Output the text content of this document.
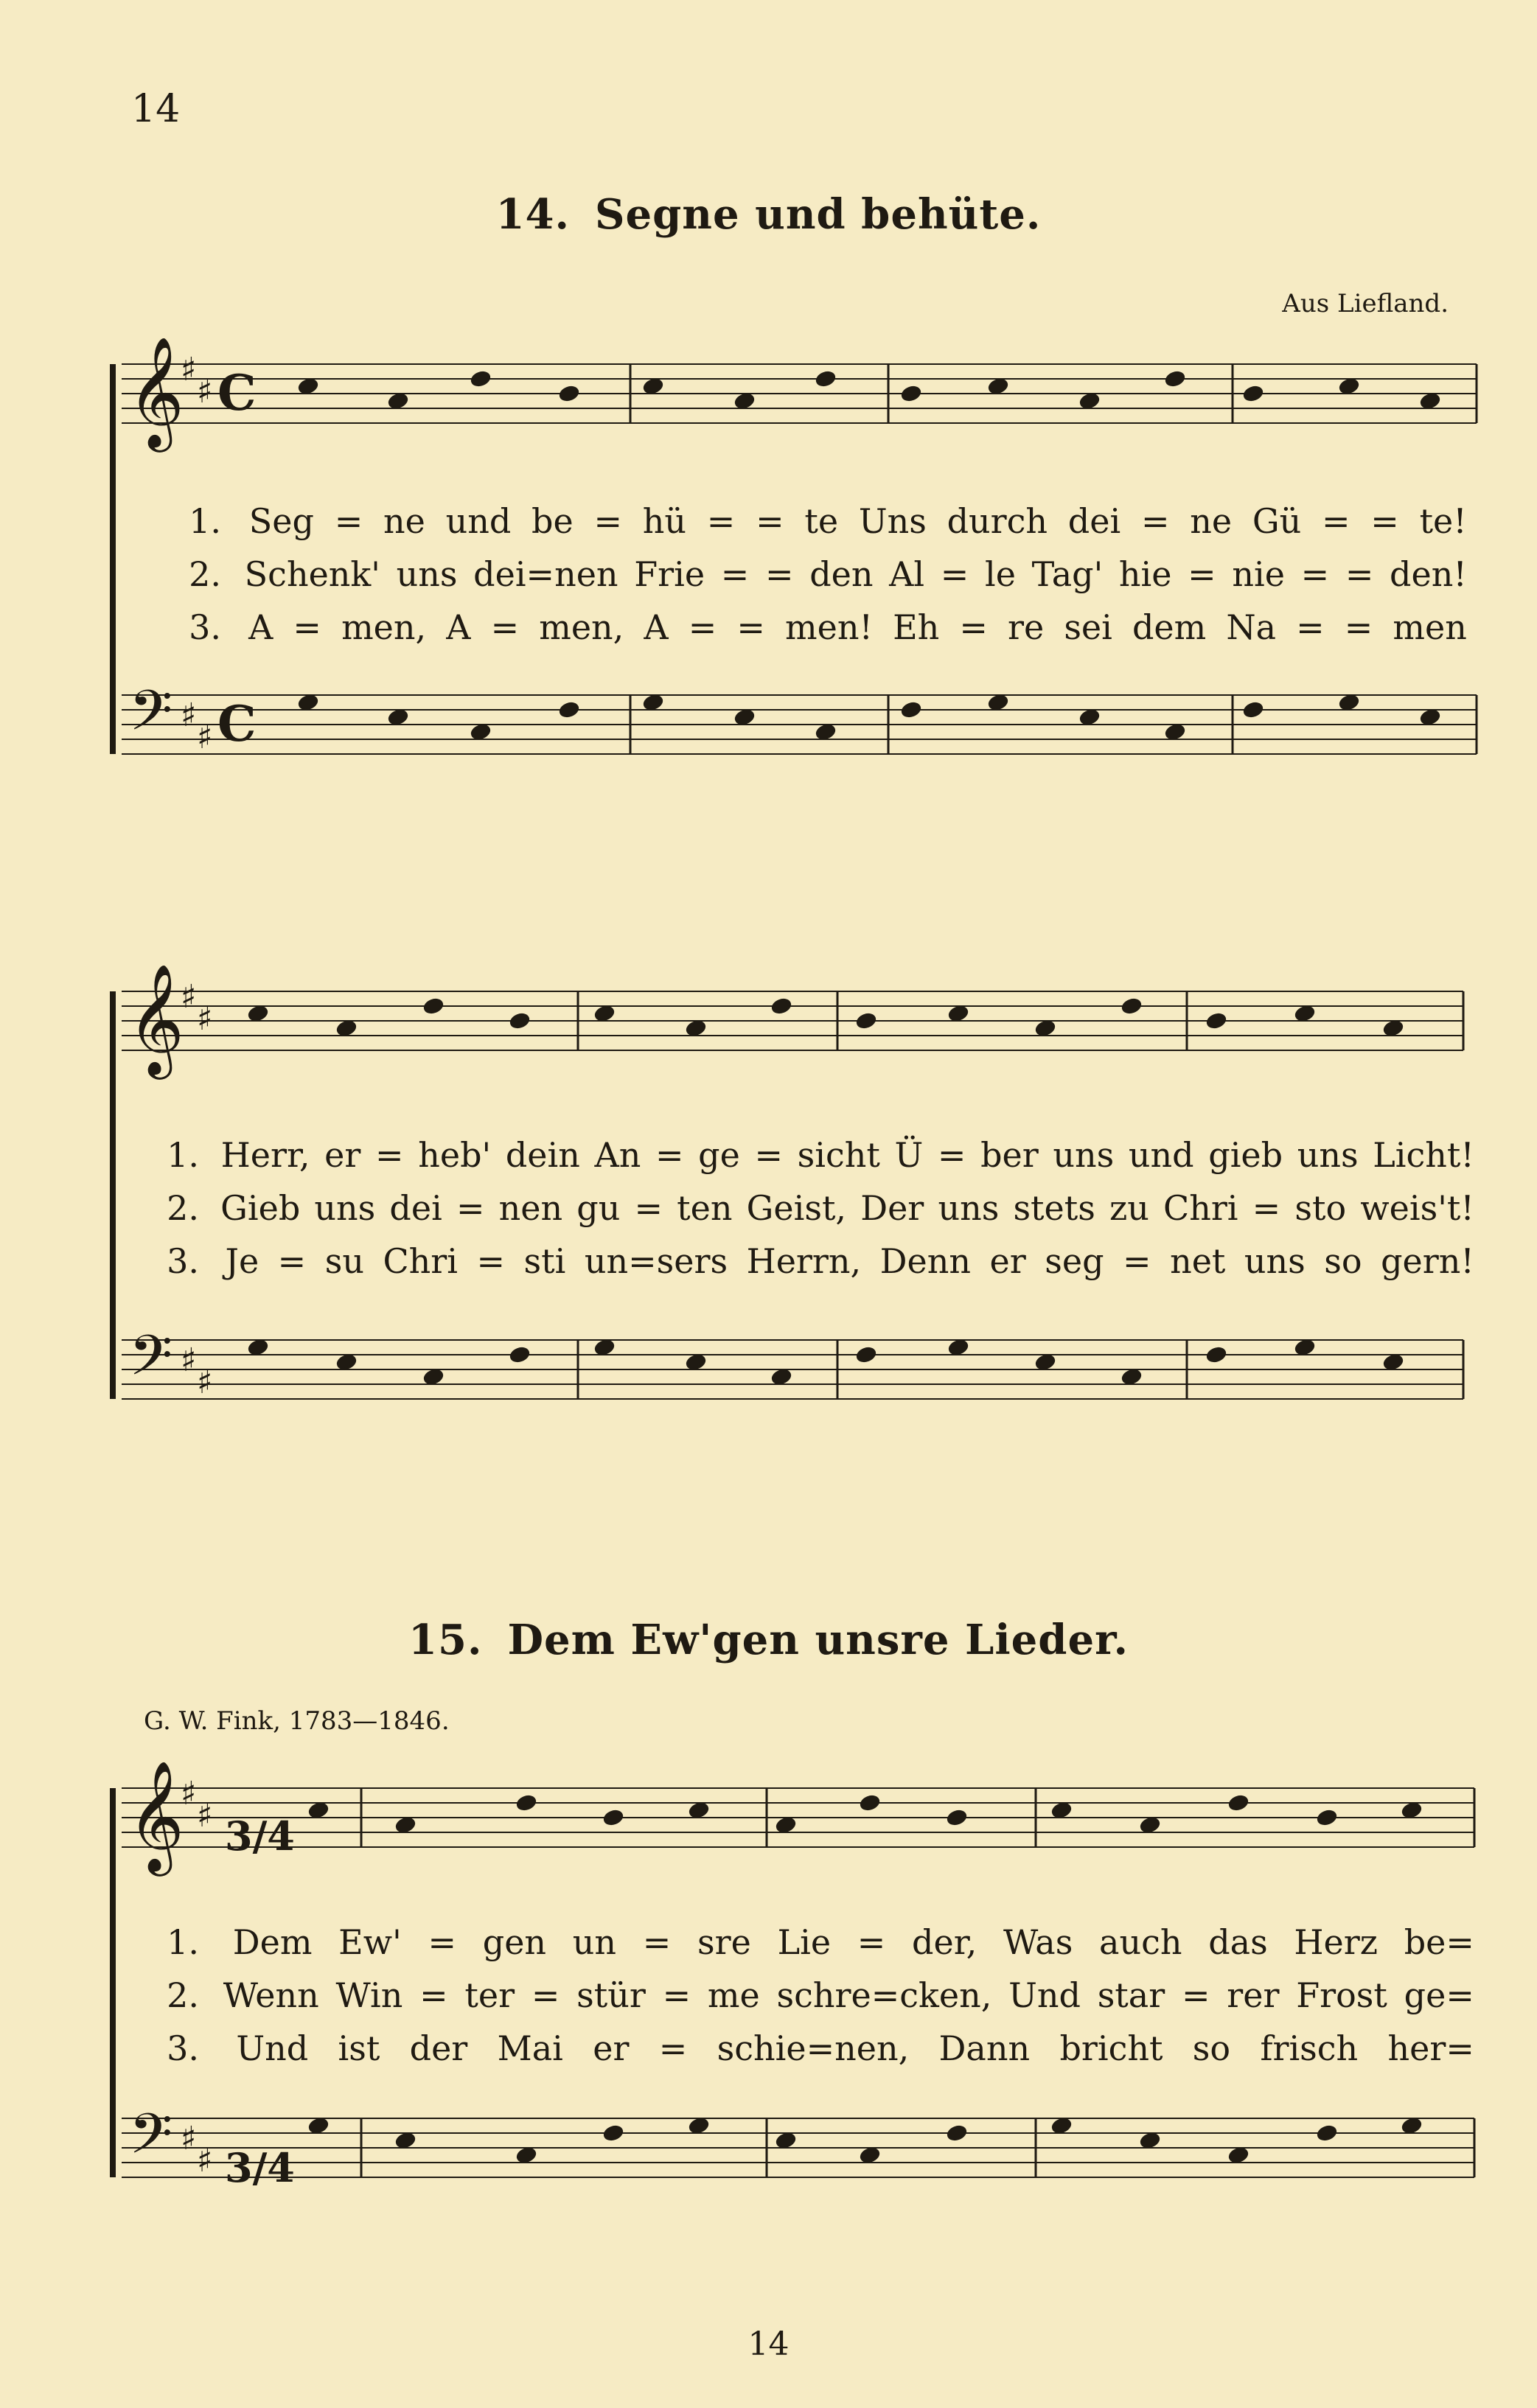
14
14. Segne und behüte.
Aus Liefland.
1. Seg = ne und be = hü = = te Uns durch dei = ne Gü = = te!
2. Schenk' uns dei=nen Frie = = den Al = le Tag' hie = nie = = den!
3. A = men, A = men, A = = men! Eh = re sei dem Na = = men
1. Herr, er = heb' dein An = ge = sicht Ü = ber uns und gieb uns Licht!
2. Gieb uns dei = nen gu = ten Geist, Der uns stets zu Chri = sto weis't!
3. Je = su Chri = sti un=sers Herrn, Denn er seg = net uns so gern!
15. Dem Ew'gen unsre Lieder.
G. W. Fink, 1783—1846.
1. Dem Ew' = gen un = sre Lie = der, Was auch das Herz be=
2. Wenn Win = ter = stür = me schre=cken, Und star = rer Frost ge=
3. Und ist der Mai er = schie=nen, Dann bricht so frisch her=
𝄞
𝄢
♯
♯
♯
♯
C
C
𝄞
𝄢
♯
♯
♯
♯
𝄞
𝄢
♯
♯
♯
♯
3/4
3/4
14
